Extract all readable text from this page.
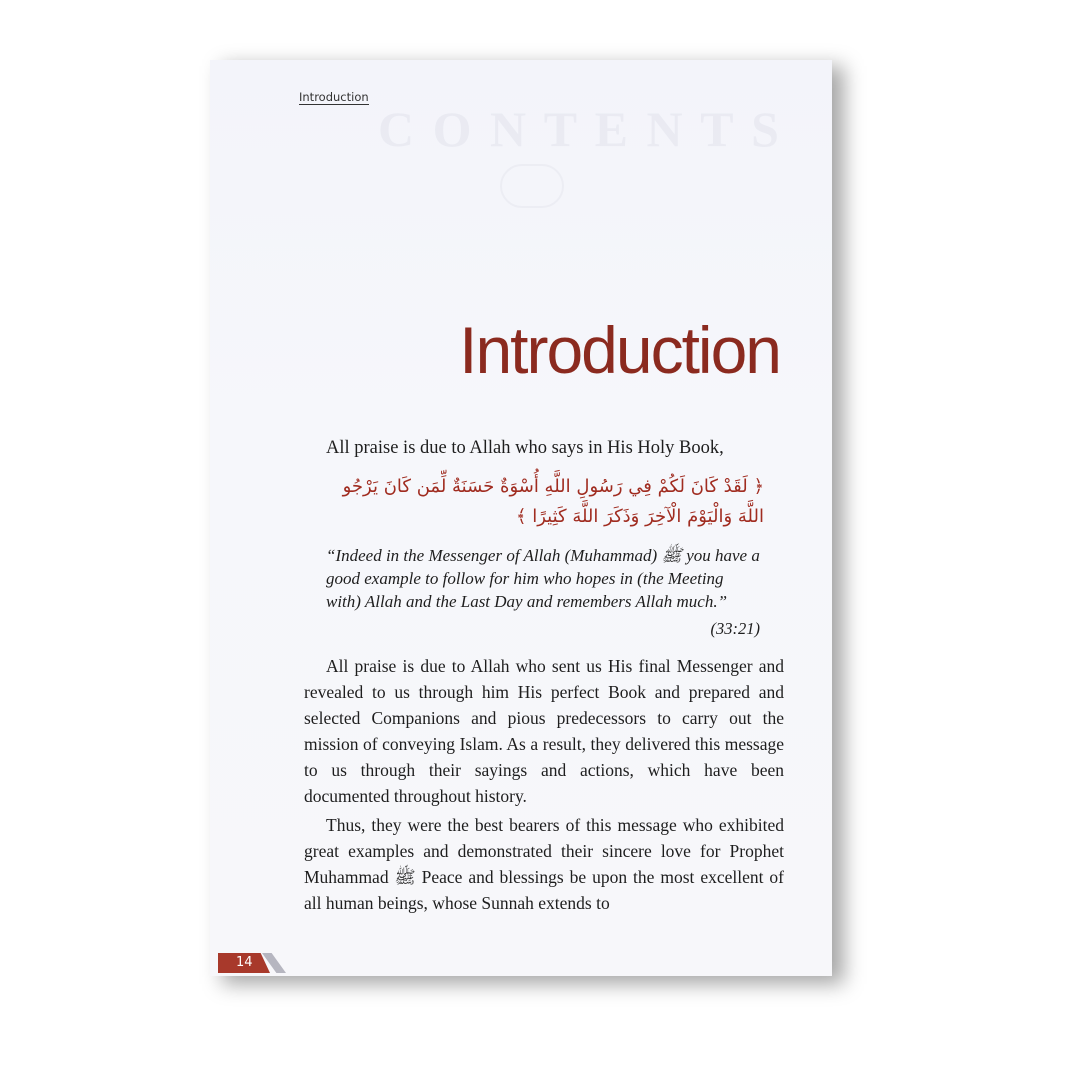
C O N T E N T S
Introduction
Introduction
All praise is due to Allah who says in His Holy Book,
﴿ لَقَدْ كَانَ لَكُمْ فِي رَسُولِ اللَّهِ أُسْوَةٌ حَسَنَةٌ لِّمَن كَانَ يَرْجُو اللَّهَ وَالْيَوْمَ الْآخِرَ وَذَكَرَ اللَّهَ كَثِيرًا ﴾
“Indeed in the Messenger of Allah (Muhammad) ﷺ you have a good example to follow for him who hopes in (the Meeting with) Allah and the Last Day and remembers Allah much.”
(33:21)
All praise is due to Allah who sent us His final Messenger and revealed to us through him His perfect Book and prepared and selected Companions and pious predecessors to carry out the mission of conveying Islam. As a result, they delivered this message to us through their sayings and actions, which have been documented throughout history.
Thus, they were the best bearers of this message who exhibited great examples and demonstrated their sincere love for Prophet Muhammad ﷺ Peace and blessings be upon the most excellent of all human beings, whose Sunnah extends to
14
